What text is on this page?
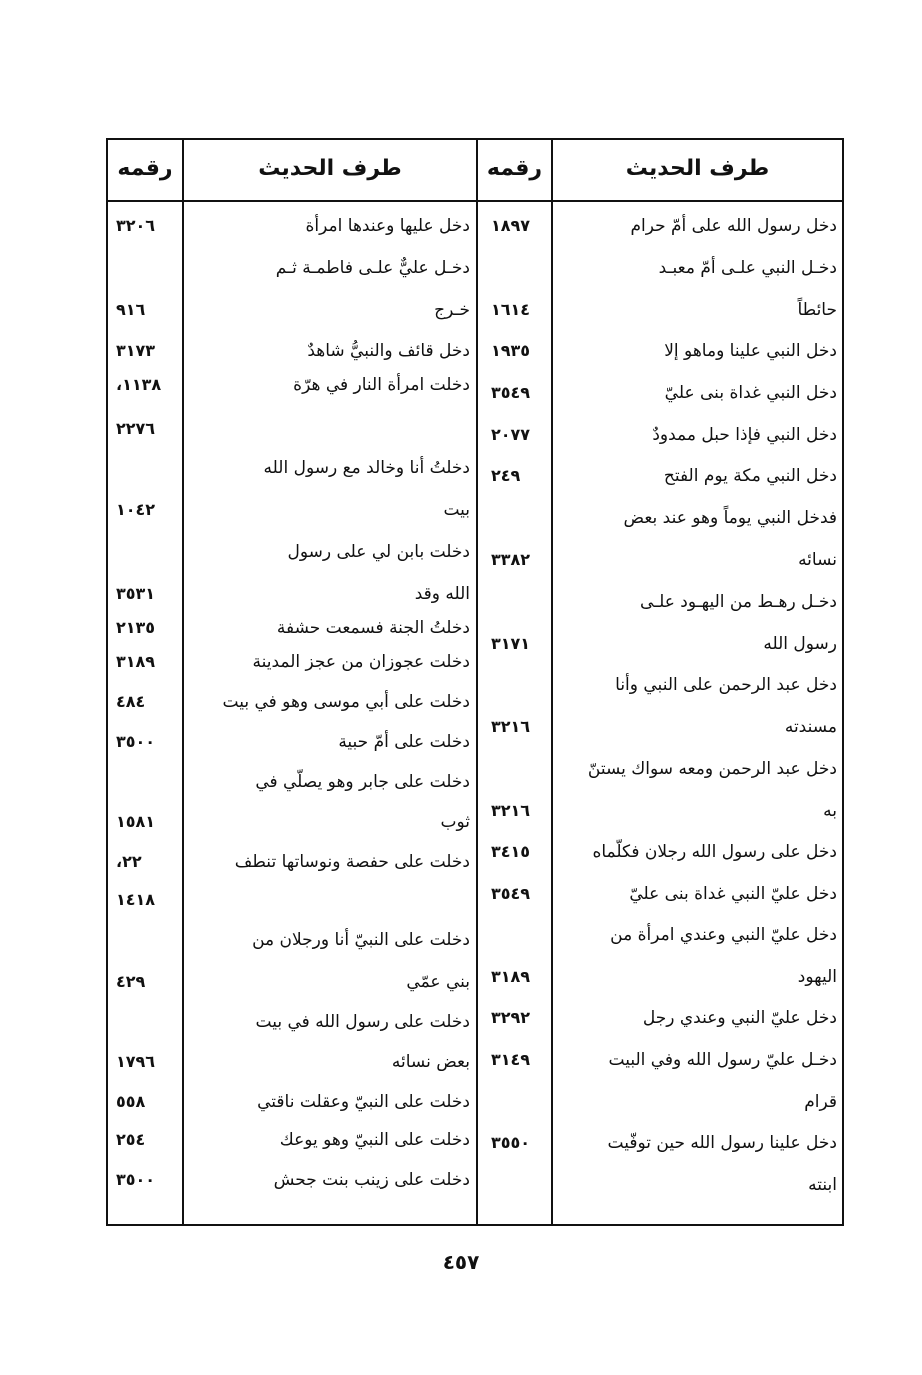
طرف الحديث
رقمه
طرف الحديث
رقمه
دخل رسول الله على أمّ حرام
١٨٩٧
دخـل النبي علـى أمّ معبـد
حائطاً
١٦١٤
دخل النبي علينا وماهو إلا
١٩٣٥
دخل النبي غداة بنى عليّ
٣٥٤٩
دخل النبي فإذا حبل ممدودٌ
٢٠٧٧
دخل النبي مكة يوم الفتح
٢٤٩
فدخل النبي يوماً وهو عند بعض
نسائه
٣٣٨٢
دخـل رهـط من اليهـود علـى
رسول الله
٣١٧١
دخل عبد الرحمن على النبي وأنا
مسندته
٣٢١٦
دخل عبد الرحمن ومعه سواك يستنّ
به
٣٢١٦
دخل على رسول الله رجلان فكلّماه
٣٤١٥
دخل عليّ النبي غداة بنى عليّ
٣٥٤٩
دخل عليّ النبي وعندي امرأة من
اليهود
٣١٨٩
دخل عليّ النبي وعندي رجل
٣٢٩٢
دخـل عليّ رسول الله وفي البيت
٣١٤٩
قرام
دخل علينا رسول الله حين توفّيت
٣٥٥٠
ابنته
دخل عليها وعندها امرأة
٣٢٠٦
دخـل عليٌّ علـى فاطمـة ثـم
خـرج
٩١٦
دخل قائف والنبيُّ شاهدٌ
٣١٧٣
دخلت امرأة النار في هرّة
١١٣٨،
٢٢٧٦
دخلتُ أنا وخالد مع رسول الله
بيت
١٠٤٢
دخلت بابن لي على رسول
الله وقد
٣٥٣١
دخلتُ الجنة فسمعت حشفة
٢١٣٥
دخلت عجوزان من عجز المدينة
٣١٨٩
دخلت على أبي موسى وهو في بيت
٤٨٤
دخلت على أمّ حبية
٣٥٠٠
دخلت على جابر وهو يصلّي في
ثوب
١٥٨١
دخلت على حفصة ونوساتها تنطف
٢٢،
١٤١٨
دخلت على النبيّ أنا ورجلان من
بني عمّي
٤٢٩
دخلت على رسول الله في بيت
بعض نسائه
١٧٩٦
دخلت على النبيّ وعقلت ناقتي
٥٥٨
دخلت على النبيّ وهو يوعك
٢٥٤
دخلت على زينب بنت جحش
٣٥٠٠
٤٥٧
